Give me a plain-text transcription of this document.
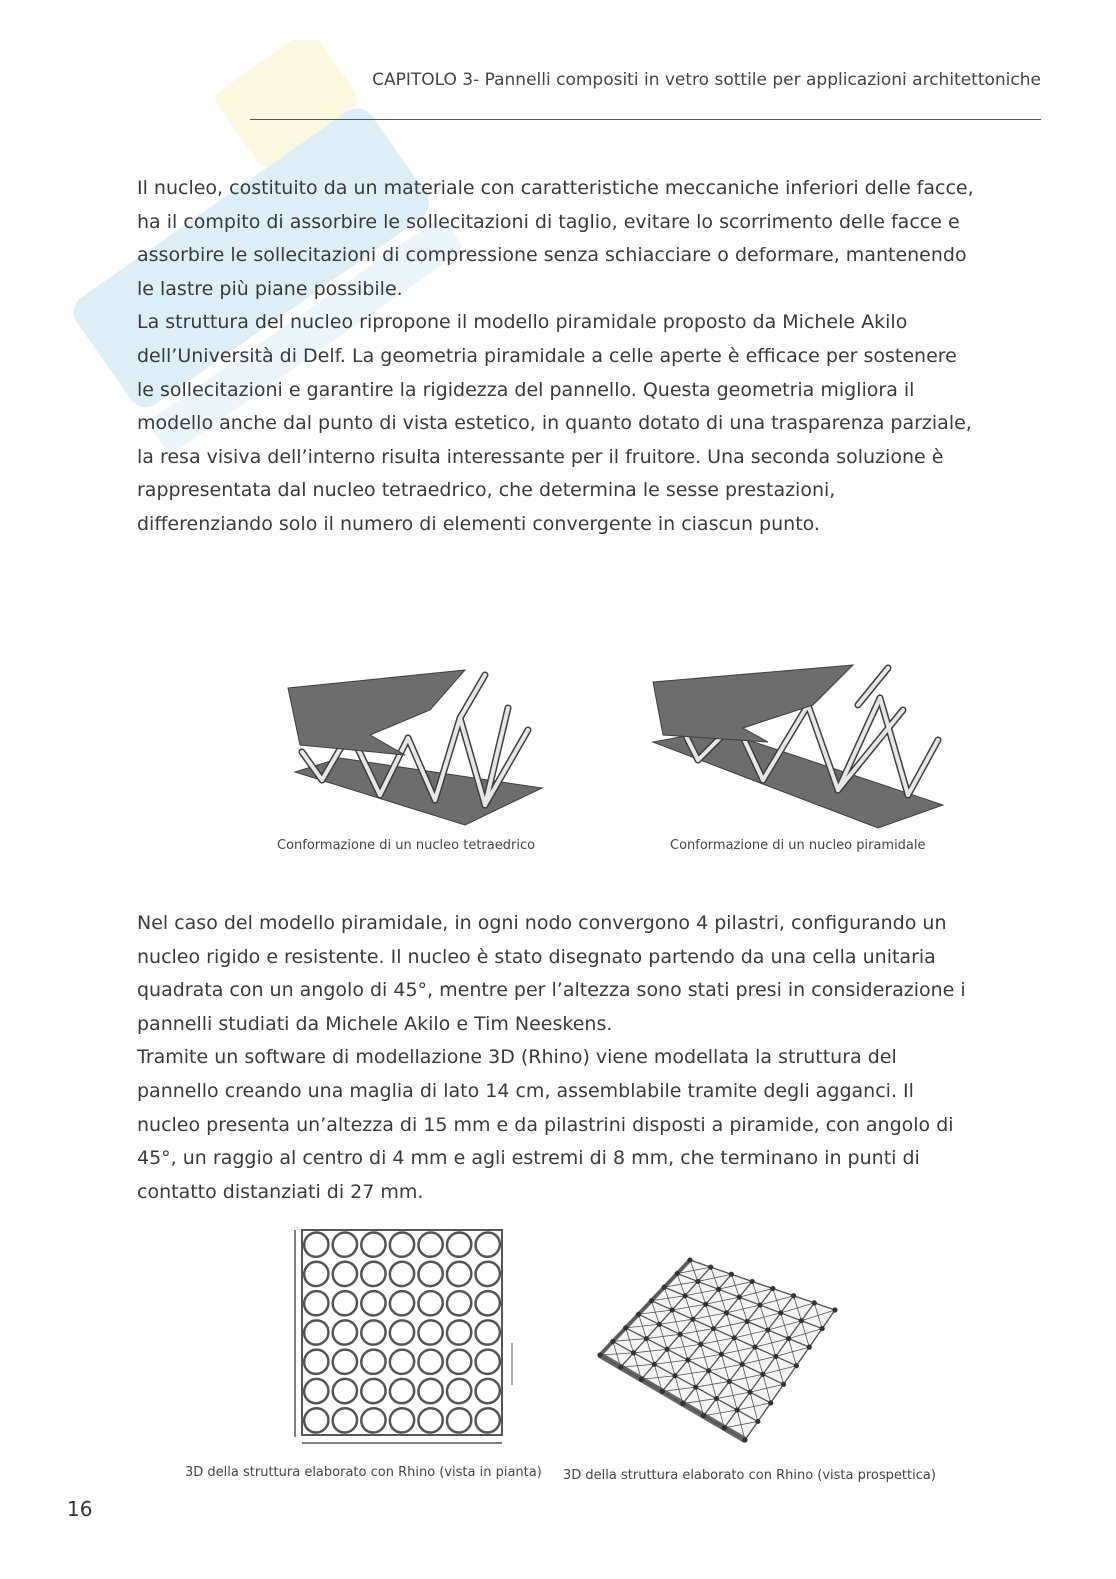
CAPITOLO 3- Pannelli compositi in vetro sottile per applicazioni architettoniche

Il nucleo, costituito da un materiale con caratteristiche meccaniche inferiori delle facce, ha il compito di assorbire le sollecitazioni di taglio, evitare lo scorrimento delle facce e assorbire le sollecitazioni di compressione senza schiacciare o deformare, mantenendo le lastre più piane possibile.

La struttura del nucleo ripropone il modello piramidale proposto da Michele Akilo dell’Università di Delf. La geometria piramidale a celle aperte è efficace per sostenere le sollecitazioni e garantire la rigidezza del pannello. Questa geometria migliora il modello anche dal punto di vista estetico, in quanto dotato di una trasparenza parziale, la resa visiva dell’interno risulta interessante per il fruitore. Una seconda soluzione è rappresentata dal nucleo tetraedrico, che determina le sesse prestazioni, differenziando solo il numero di elementi convergente in ciascun punto.

Conformazione di un nucleo tetraedrico	Conformazione di un nucleo piramidale

Nel caso del modello piramidale, in ogni nodo convergono 4 pilastri, configurando un nucleo rigido e resistente. Il nucleo è stato disegnato partendo da una cella unitaria quadrata con un angolo di 45°, mentre per l’altezza sono stati presi in considerazione i pannelli studiati da Michele Akilo e Tim Neeskens.

Tramite un software di modellazione 3D (Rhino) viene modellata la struttura del pannello creando una maglia di lato 14 cm, assemblabile tramite degli agganci. Il nucleo presenta un’altezza di 15 mm e da pilastrini disposti a piramide, con angolo di 45°, un raggio al centro di 4 mm e agli estremi di 8 mm, che terminano in punti di contatto distanziati di 27 mm.

3D della struttura elaborato con Rhino (vista in pianta) 3D della struttura elaborato con Rhino (vista prospettica)
16
